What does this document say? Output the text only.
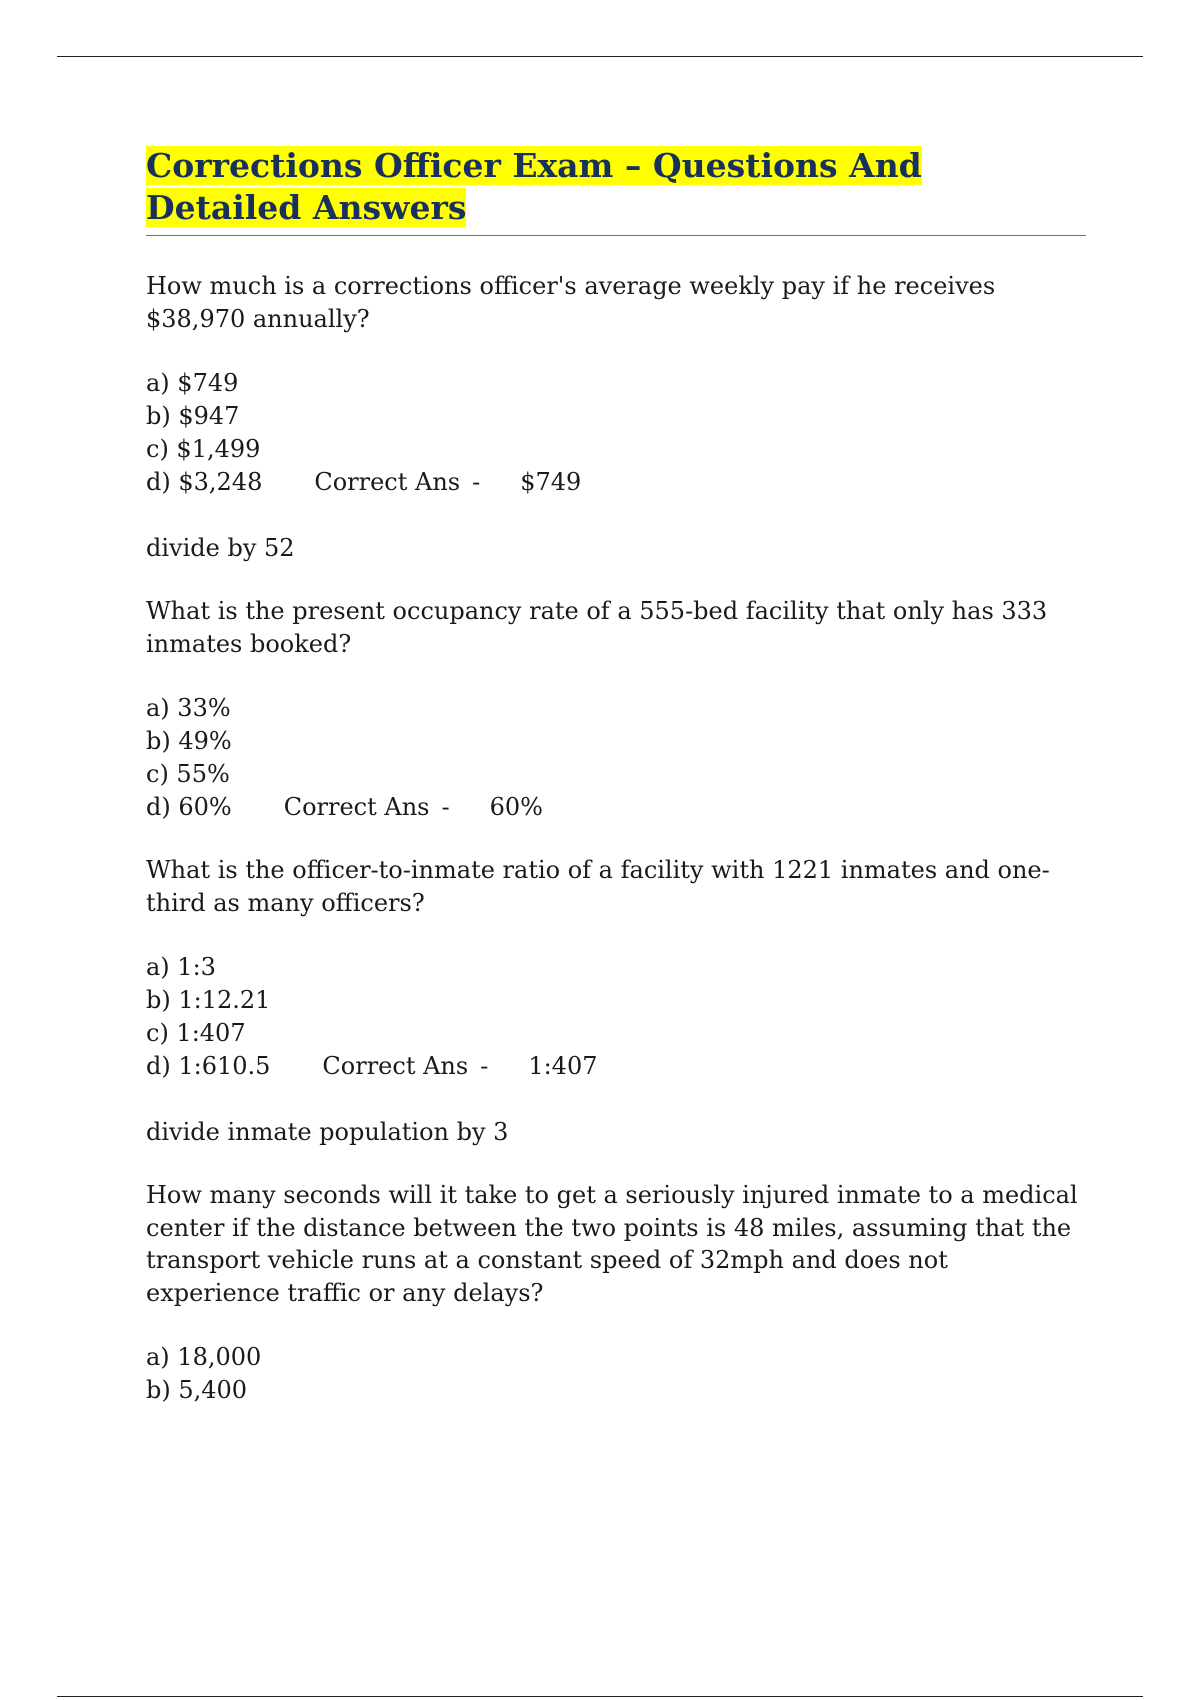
Corrections Officer Exam – Questions And Detailed Answers

How much is a corrections officer's average weekly pay if he receives $38,970 annually?

a) $749

b) $947

c) $1,499

d) $3,248 Correct Ans - $749

divide by 52

What is the present occupancy rate of a 555-bed facility that only has 333 inmates booked?

a) 33%

b) 49%

c) 55%

d) 60% Correct Ans - 60%

What is the officer-to-inmate ratio of a facility with 1221 inmates and one-third as many officers?

a) 1:3

b) 1:12.21

c) 1:407

d) 1:610.5 Correct Ans - 1:407

divide inmate population by 3

How many seconds will it take to get a seriously injured inmate to a medical center if the distance between the two points is 48 miles, assuming that the transport vehicle runs at a constant speed of 32mph and does not experience traffic or any delays?

a) 18,000

b) 5,400
